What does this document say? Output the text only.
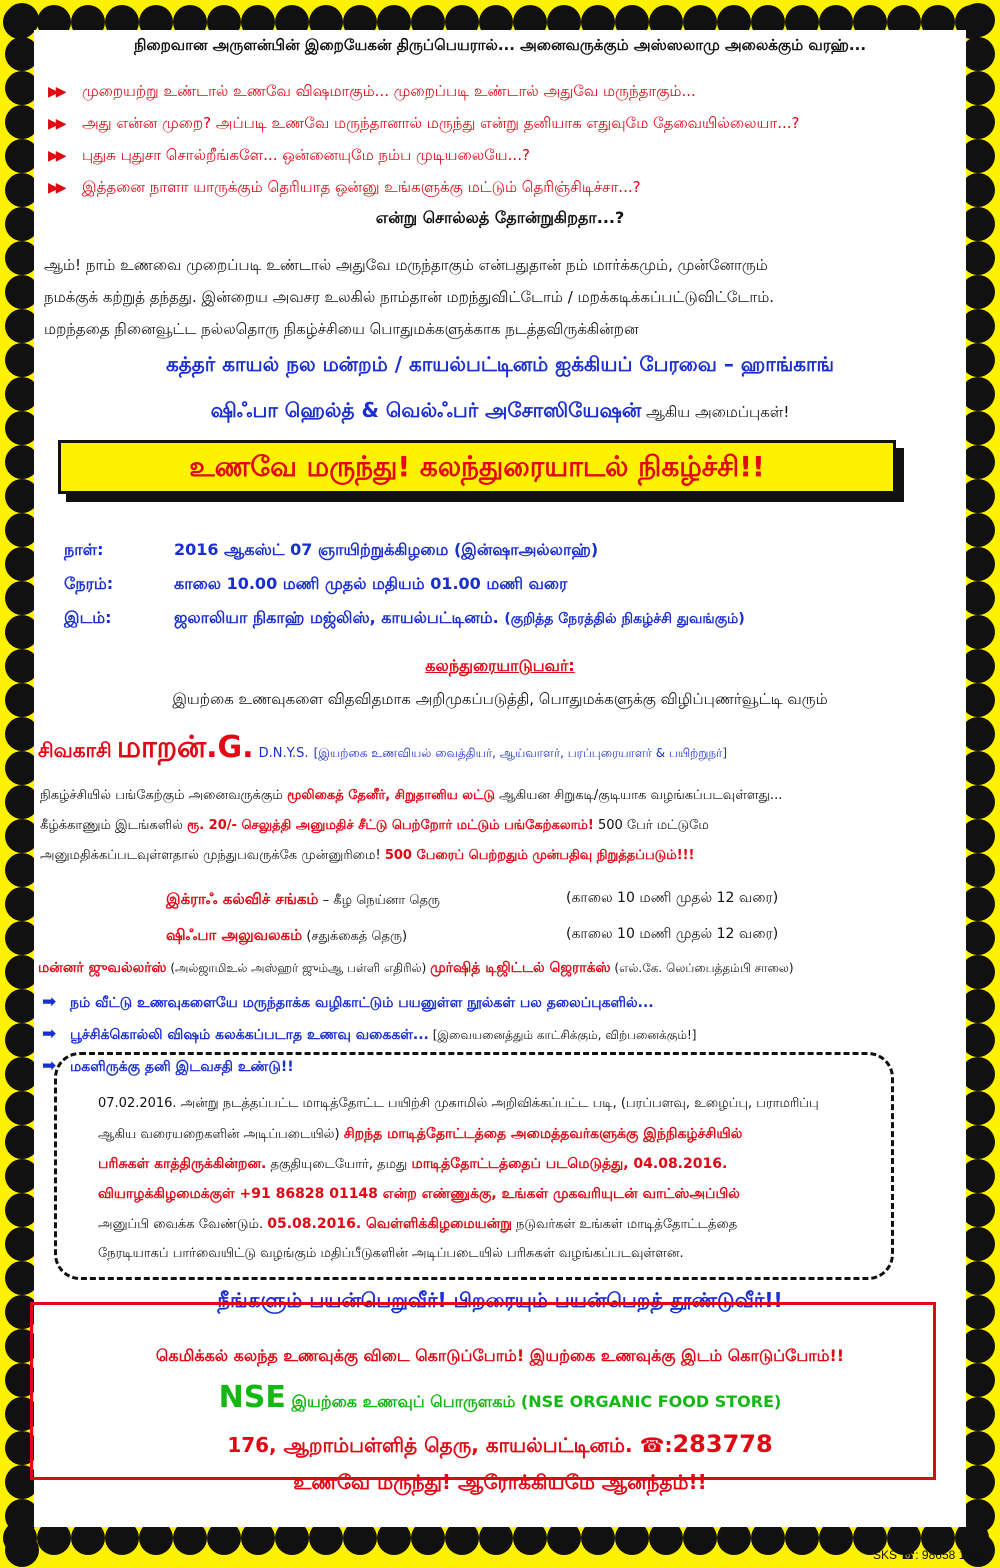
நிறைவான அருளன்பின் இறையேகன் திருப்பெயரால்... அனைவருக்கும் அஸ்ஸலாமு அலைக்கும் வரஹ்...
▶▶ முறையற்று உண்டால் உணவே விஷமாகும்... முறைப்படி உண்டால் அதுவே மருந்தாகும்...
▶▶ அது என்ன முறை? அப்படி உணவே மருந்தானால் மருந்து என்று தனியாக எதுவுமே தேவையில்லையா...?
▶▶ புதுசு புதுசா சொல்றீங்களே... ஒன்னையுமே நம்ப முடியலையே...?
▶▶ இத்தனை நாளா யாருக்கும் தெரியாத ஒன்னு உங்களுக்கு மட்டும் தெரிஞ்சிடிச்சா...?
என்று சொல்லத் தோன்றுகிறதா...?
ஆம்! நாம் உணவை முறைப்படி உண்டால் அதுவே மருந்தாகும் என்பதுதான் நம் மார்க்கமும், முன்னோரும்
நமக்குக் கற்றுத் தந்தது. இன்றைய அவசர உலகில் நாம்தான் மறந்துவிட்டோம் / மறக்கடிக்கப்பட்டுவிட்டோம்.
மறந்ததை நினைவூட்ட நல்லதொரு நிகழ்ச்சியை பொதுமக்களுக்காக நடத்தவிருக்கின்றன
கத்தர் காயல் நல மன்றம் / காயல்பட்டினம் ஐக்கியப் பேரவை – ஹாங்காங்
ஷிஃபா ஹெல்த் & வெல்ஃபர் அசோஸியேஷன் ஆகிய அமைப்புகள்!
உணவே மருந்து! கலந்துரையாடல் நிகழ்ச்சி!!
நாள்:	2016 ஆகஸ்ட் 07 ஞாயிற்றுக்கிழமை (இன்ஷாஅல்லாஹ்)
நேரம்:	காலை 10.00 மணி முதல் மதியம் 01.00 மணி வரை
இடம்:	ஜலாலியா நிகாஹ் மஜ்லிஸ், காயல்பட்டினம். (குறித்த நேரத்தில் நிகழ்ச்சி துவங்கும்)
கலந்துரையாடுபவர்:
இயற்கை உணவுகளை விதவிதமாக அறிமுகப்படுத்தி, பொதுமக்களுக்கு விழிப்புணர்வூட்டி வரும்
சிவகாசி மாறன்.G. D.N.Y.S. [இயற்கை உணவியல் வைத்தியர், ஆய்வாளர், பரப்புரையாளர் & பயிற்றுநர்]
நிகழ்ச்சியில் பங்கேற்கும் அனைவருக்கும் மூலிகைத் தேனீர், சிறுதானிய லட்டு ஆகியன சிறுகடி/குடியாக வழங்கப்படவுள்ளது...
கீழ்க்காணும் இடங்களில் ரூ. 20/- செலுத்தி அனுமதிச் சீட்டு பெற்றோர் மட்டும் பங்கேற்கலாம்! 500 பேர் மட்டுமே
அனுமதிக்கப்படவுள்ளதால் முந்துபவருக்கே முன்னுரிமை! 500 பேரைப் பெற்றதும் முன்பதிவு நிறுத்தப்படும்!!!
இக்ராஃ கல்விச் சங்கம் – கீழ நெய்னா தெரு	(காலை 10 மணி முதல் 12 வரை)
ஷிஃபா அலுவலகம் (சதுக்கைத் தெரு)	(காலை 10 மணி முதல் 12 வரை)
மன்னர் ஜுவல்லர்ஸ் (அல்ஜாமிஉல் அஸ்ஹர் ஜும்ஆ பள்ளி எதிரில்) முர்ஷித் டிஜிட்டல் ஜெராக்ஸ் (எல்.கே. லெப்பைத்தம்பி சாலை)
➡ நம் வீட்டு உணவுகளையே மருந்தாக்க வழிகாட்டும் பயனுள்ள நூல்கள் பல தலைப்புகளில்...
➡ பூச்சிக்கொல்லி விஷம் கலக்கப்படாத உணவு வகைகள்... [இவையனைத்தும் காட்சிக்கும், விற்பனைக்கும்!]
➡ மகளிருக்கு தனி இடவசதி உண்டு!!
07.02.2016. அன்று நடத்தப்பட்ட மாடித்தோட்ட பயிற்சி முகாமில் அறிவிக்கப்பட்ட படி, (பரப்பளவு, உழைப்பு, பராமரிப்பு
ஆகிய வரையறைகளின் அடிப்படையில்) சிறந்த மாடித்தோட்டத்தை அமைத்தவர்களுக்கு இந்நிகழ்ச்சியில்
பரிசுகள் காத்திருக்கின்றன. தகுதியுடையோர், தமது மாடித்தோட்டத்தைப் படமெடுத்து, 04.08.2016.
வியாழக்கிழமைக்குள் +91 86828 01148 என்ற எண்ணுக்கு, உங்கள் முகவரியுடன் வாட்ஸ்அப்பில்
அனுப்பி வைக்க வேண்டும். 05.08.2016. வெள்ளிக்கிழமையன்று நடுவர்கள் உங்கள் மாடித்தோட்டத்தை
நேரடியாகப் பார்வையிட்டு வழங்கும் மதிப்பீடுகளின் அடிப்படையில் பரிசுகள் வழங்கப்படவுள்ளன.
நீங்களும் பயன்பெறுவீர்! பிறரையும் பயன்பெறத் தூண்டுவீர்!!
கெமிக்கல் கலந்த உணவுக்கு விடை கொடுப்போம்! இயற்கை உணவுக்கு இடம் கொடுப்போம்!!
NSE இயற்கை உணவுப் பொருளகம் (NSE ORGANIC FOOD STORE)
176, ஆறாம்பள்ளித் தெரு, காயல்பட்டினம். ☎:283778
உணவே மருந்து! ஆரோக்கியமே ஆனந்தம்!!
SKS ☎: 98658 19541
